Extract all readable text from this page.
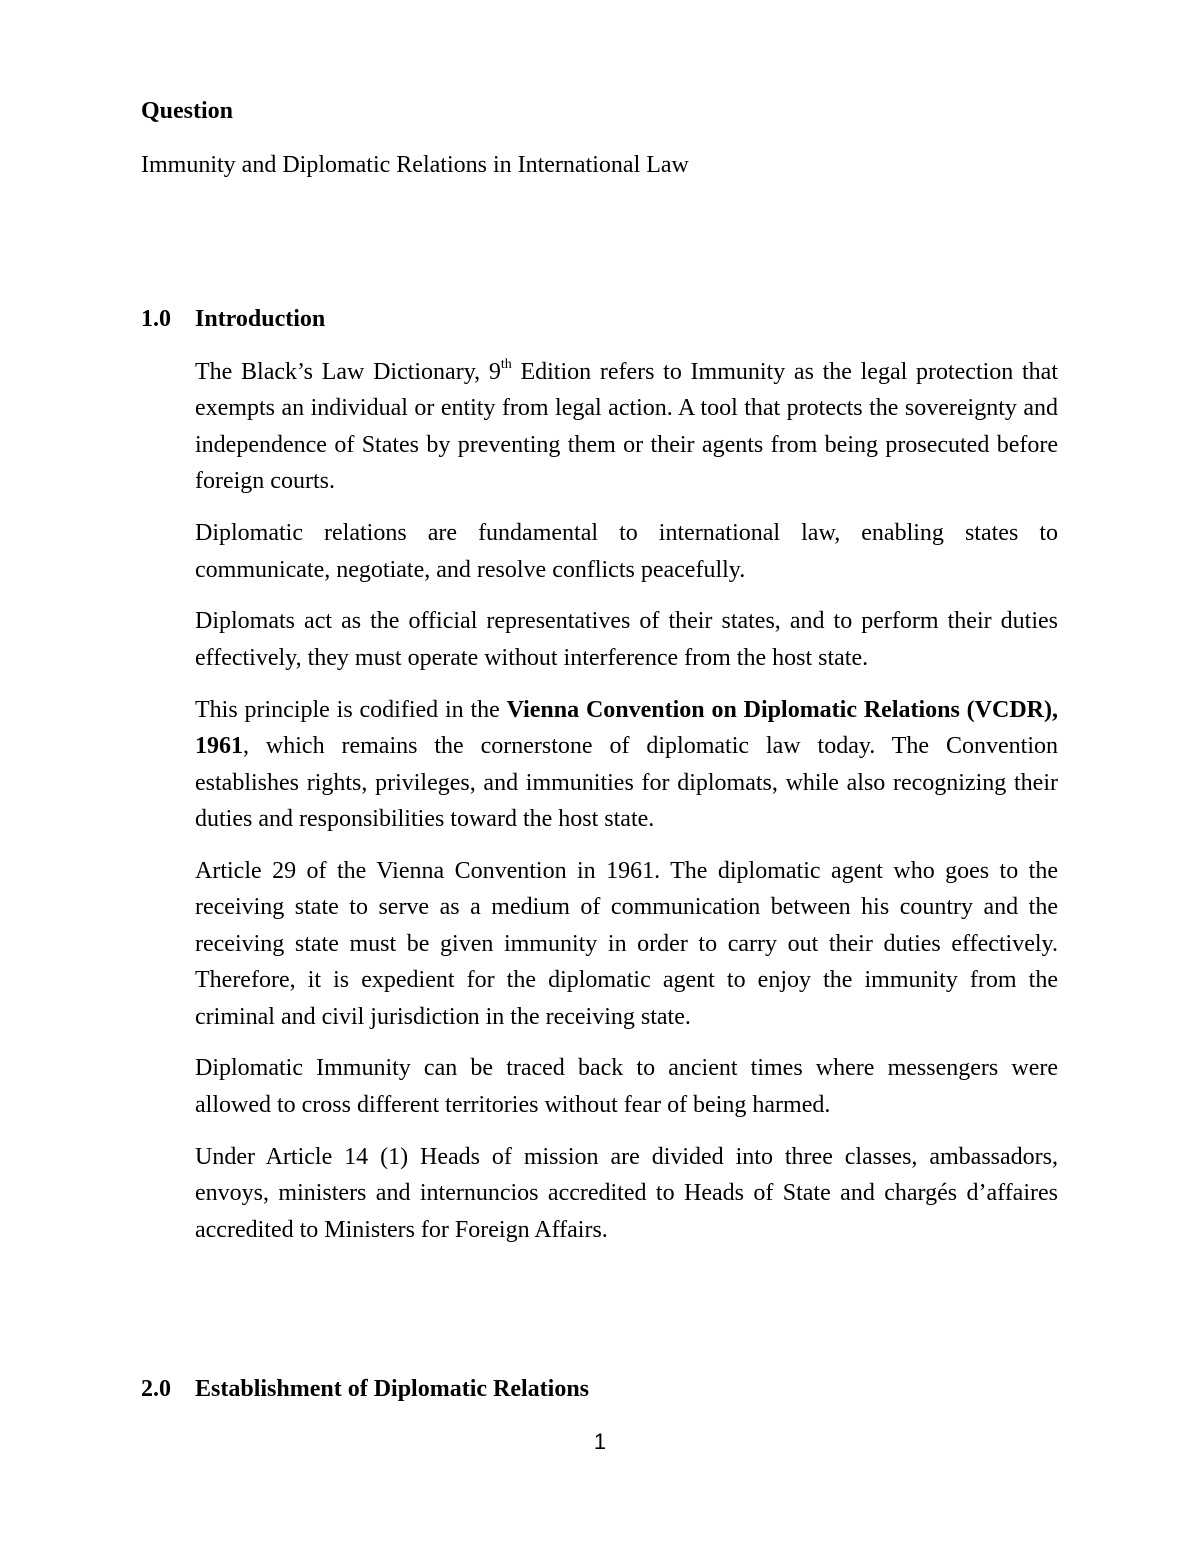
Question
Immunity and Diplomatic Relations in International Law
1.0	Introduction

The Black’s Law Dictionary, 9th Edition refers to Immunity as the legal protection that exempts an individual or entity from legal action. A tool that protects the sovereignty and independence of States by preventing them or their agents from being prosecuted before foreign courts.

Diplomatic relations are fundamental to international law, enabling states to communicate, negotiate, and resolve conflicts peacefully.

Diplomats act as the official representatives of their states, and to perform their duties effectively, they must operate without interference from the host state.

This principle is codified in the Vienna Convention on Diplomatic Relations (VCDR), 1961, which remains the cornerstone of diplomatic law today. The Convention establishes rights, privileges, and immunities for diplomats, while also recognizing their duties and responsibilities toward the host state.

Article 29 of the Vienna Convention in 1961. The diplomatic agent who goes to the receiving state to serve as a medium of communication between his country and the receiving state must be given immunity in order to carry out their duties effectively. Therefore, it is expedient for the diplomatic agent to enjoy the immunity from the criminal and civil jurisdiction in the receiving state.

Diplomatic Immunity can be traced back to ancient times where messengers were allowed to cross different territories without fear of being harmed.

Under Article 14 (1) Heads of mission are divided into three classes, ambassadors, envoys, ministers and internuncios accredited to Heads of State and chargés d’affaires accredited to Ministers for Foreign Affairs.

2.0	Establishment of Diplomatic Relations
1
